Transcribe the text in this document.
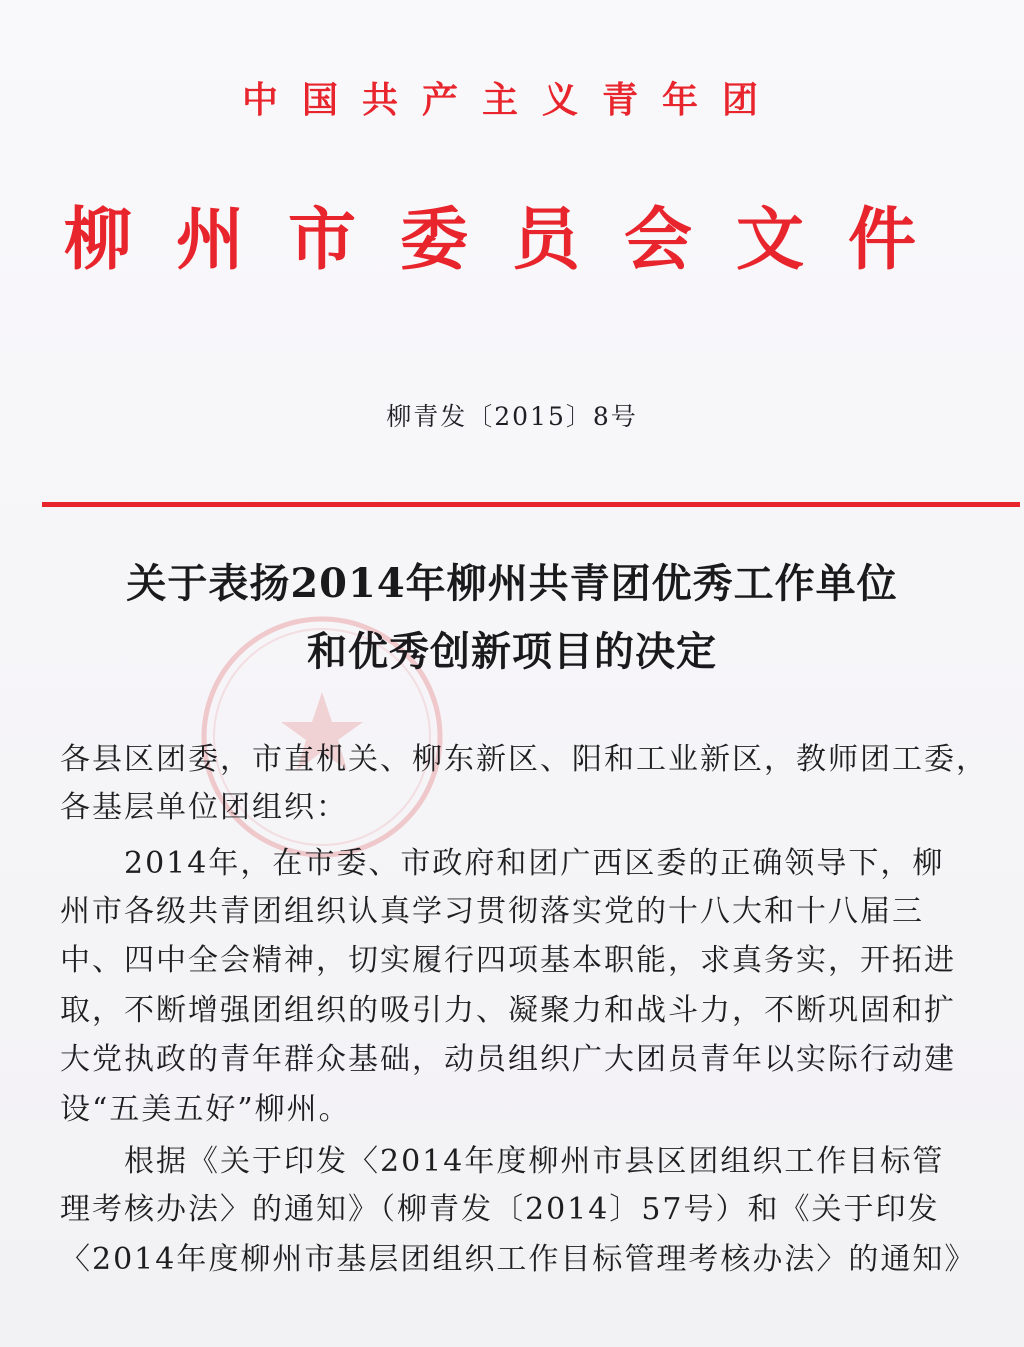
中国共产主义青年团
柳州市委员会文件
柳青发〔2015〕8号
关于表扬2014年柳州共青团优秀工作单位
和优秀创新项目的决定
各县区团委，市直机关、柳东新区、阳和工业新区，教师团工委，
各基层单位团组织：
　　2014年，在市委、市政府和团广西区委的正确领导下，柳
州市各级共青团组织认真学习贯彻落实党的十八大和十八届三
中、四中全会精神，切实履行四项基本职能，求真务实，开拓进
取，不断增强团组织的吸引力、凝聚力和战斗力，不断巩固和扩
大党执政的青年群众基础，动员组织广大团员青年以实际行动建
设“五美五好”柳州。
　　根据《关于印发〈2014年度柳州市县区团组织工作目标管
理考核办法〉的通知》（柳青发〔2014〕57号）和《关于印发
〈2014年度柳州市基层团组织工作目标管理考核办法〉的通知》
